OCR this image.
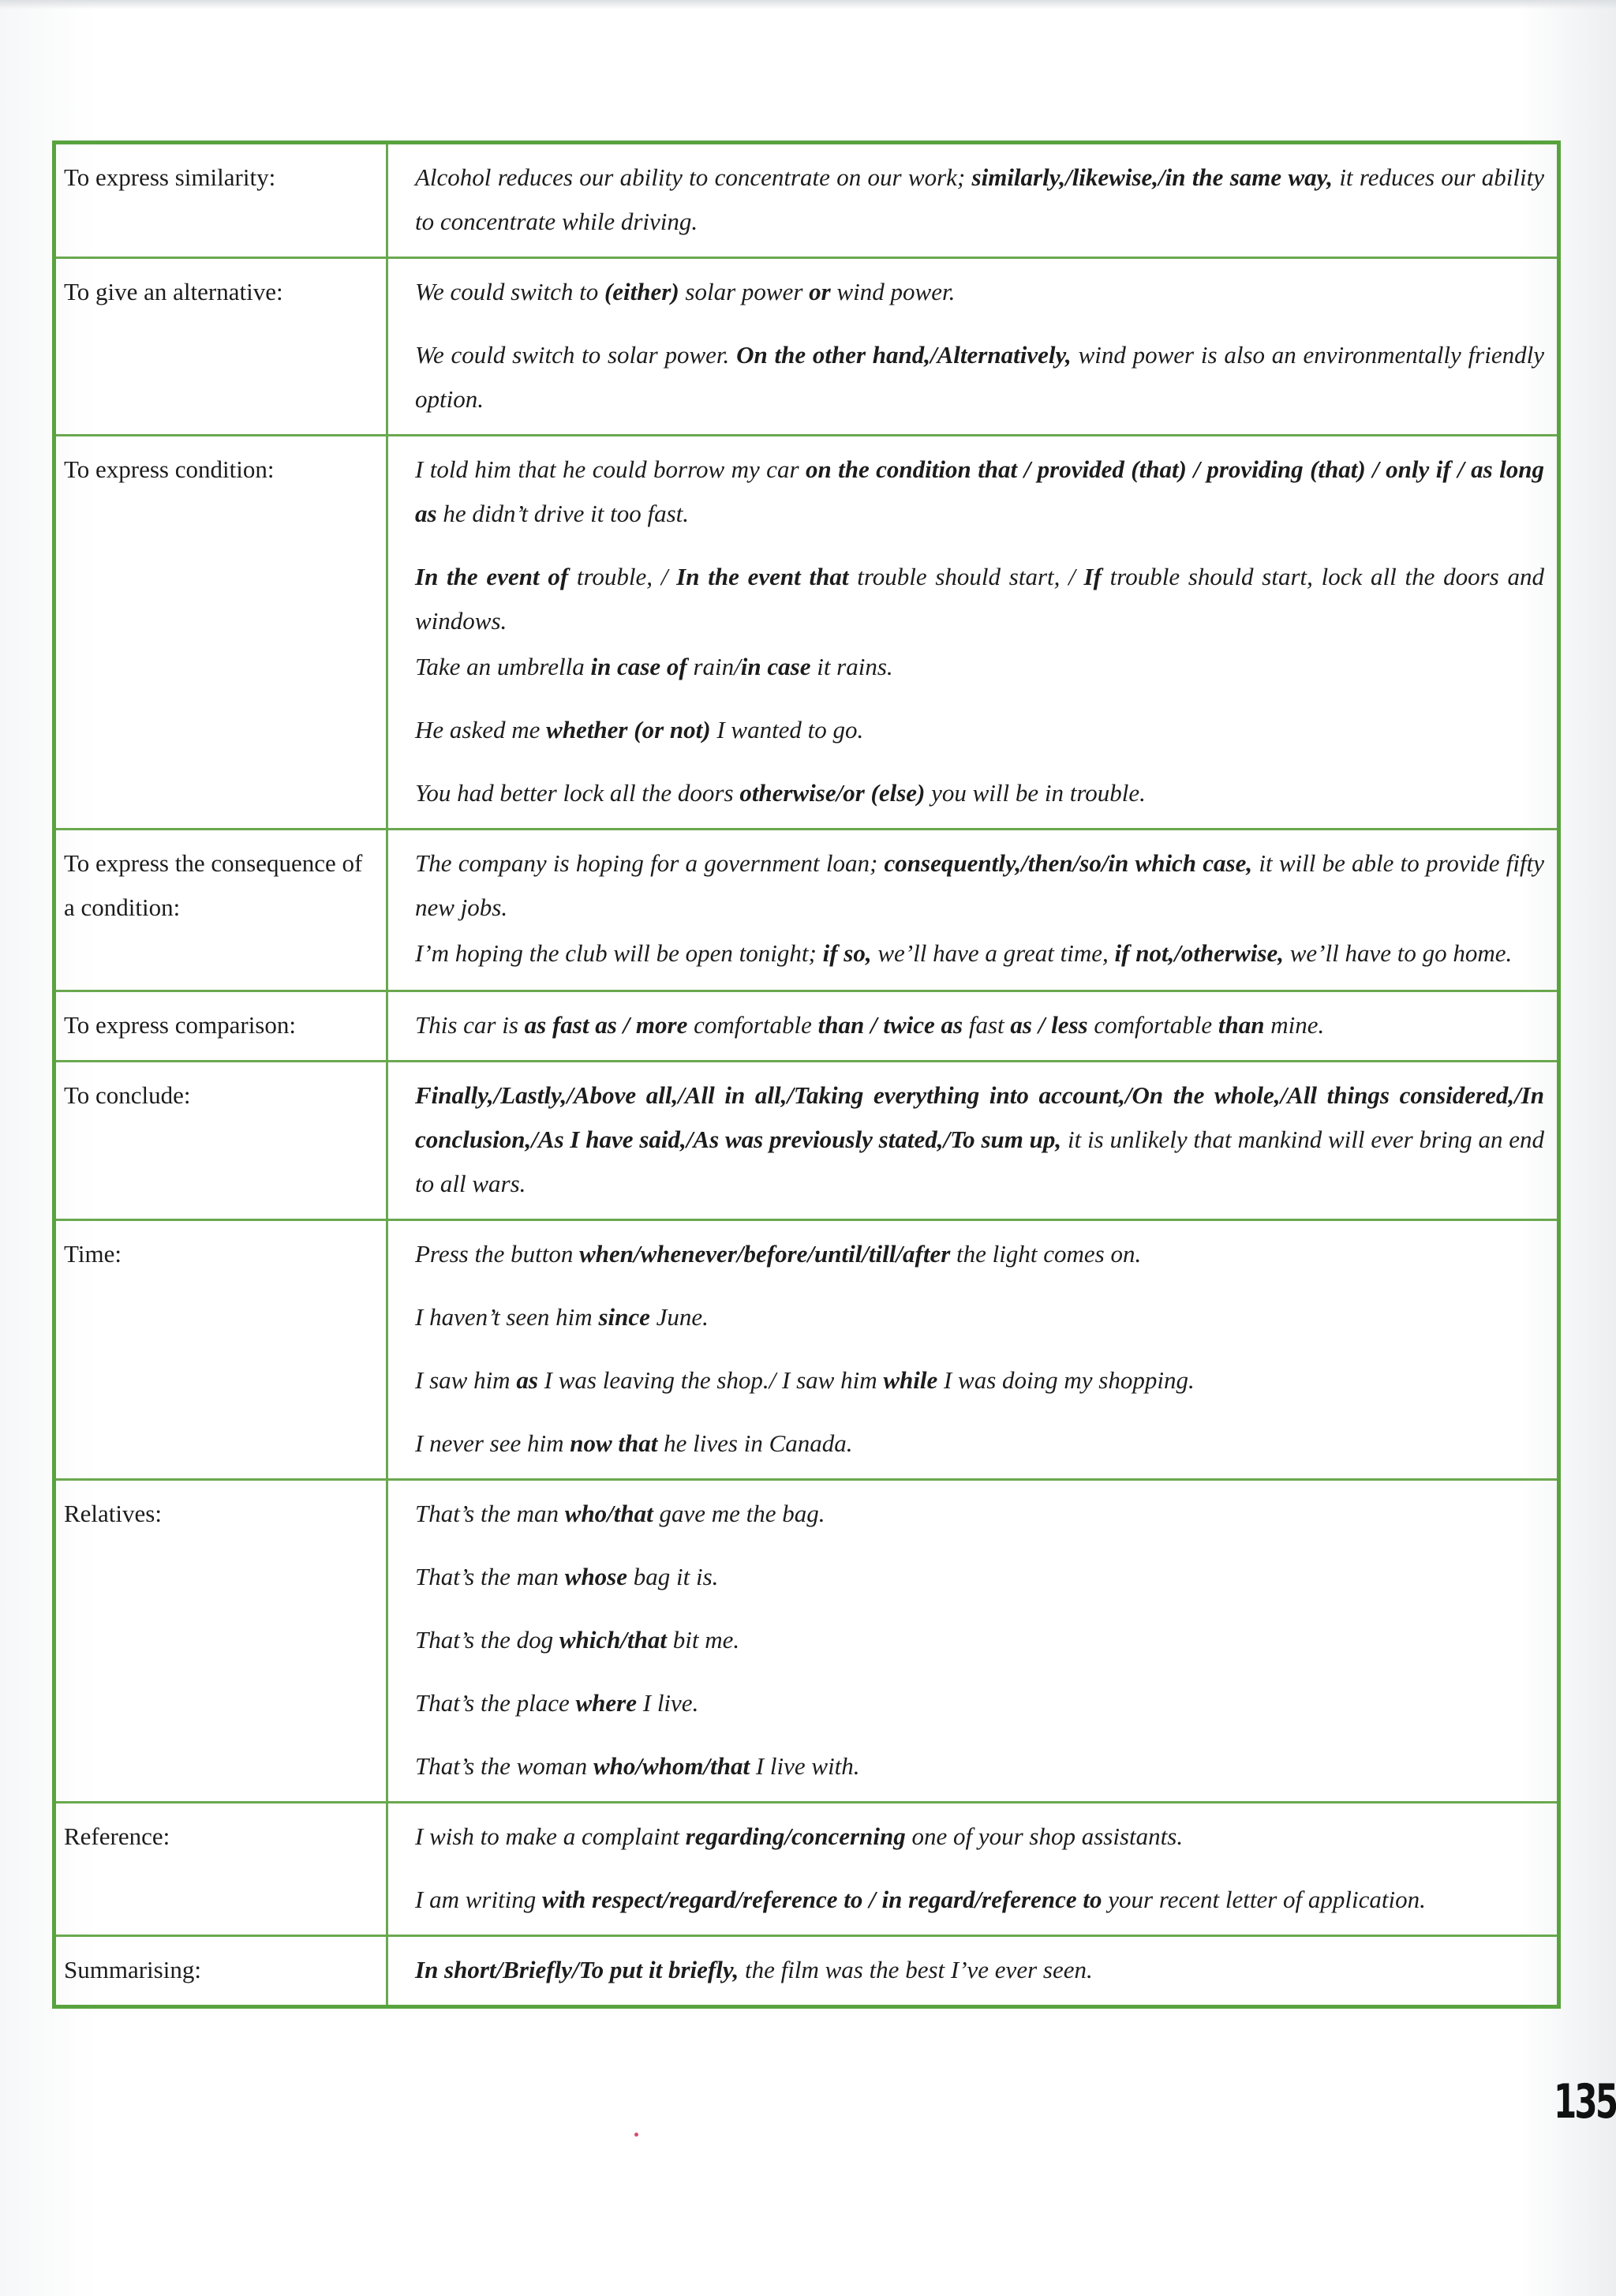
To express similarity:	Alcohol reduces our ability to concentrate on our work; similarly,/likewise,/in the same way, it reduces our ability to concentrate while driving.

To give an alternative:	We could switch to (either) solar power or wind power.
We could switch to solar power. On the other hand,/Alternatively, wind power is also an environmentally friendly option.

To express condition:	I told him that he could borrow my car on the condition that / provided (that) / providing (that) / only if / as long as he didn’t drive it too fast.
In the event of trouble, / In the event that trouble should start, / If trouble should start, lock all the doors and windows.
Take an umbrella in case of rain/in case it rains.
He asked me whether (or not) I wanted to go.
You had better lock all the doors otherwise/or (else) you will be in trouble.

To express the consequence of a condition:	The company is hoping for a government loan; consequently,/then/so/in which case, it will be able to provide fifty new jobs.
I’m hoping the club will be open tonight; if so, we’ll have a great time, if not,/otherwise, we’ll have to go home.

To express comparison:	This car is as fast as / more comfortable than / twice as fast as / less comfortable than mine.

To conclude:	Finally,/Lastly,/Above all,/All in all,/Taking everything into account,/On the whole,/All things considered,/In conclusion,/As I have said,/As was previously stated,/To sum up, it is unlikely that mankind will ever bring an end to all wars.

Time:	Press the button when/whenever/before/until/till/after the light comes on.
I haven’t seen him since June.
I saw him as I was leaving the shop./ I saw him while I was doing my shopping.
I never see him now that he lives in Canada.

Relatives:	That’s the man who/that gave me the bag.
That’s the man whose bag it is.
That’s the dog which/that bit me.
That’s the place where I live.
That’s the woman who/whom/that I live with.

Reference:	I wish to make a complaint regarding/concerning one of your shop assistants.
I am writing with respect/regard/reference to / in regard/reference to your recent letter of application.

Summarising:	In short/Briefly/To put it briefly, the film was the best I’ve ever seen.
135
